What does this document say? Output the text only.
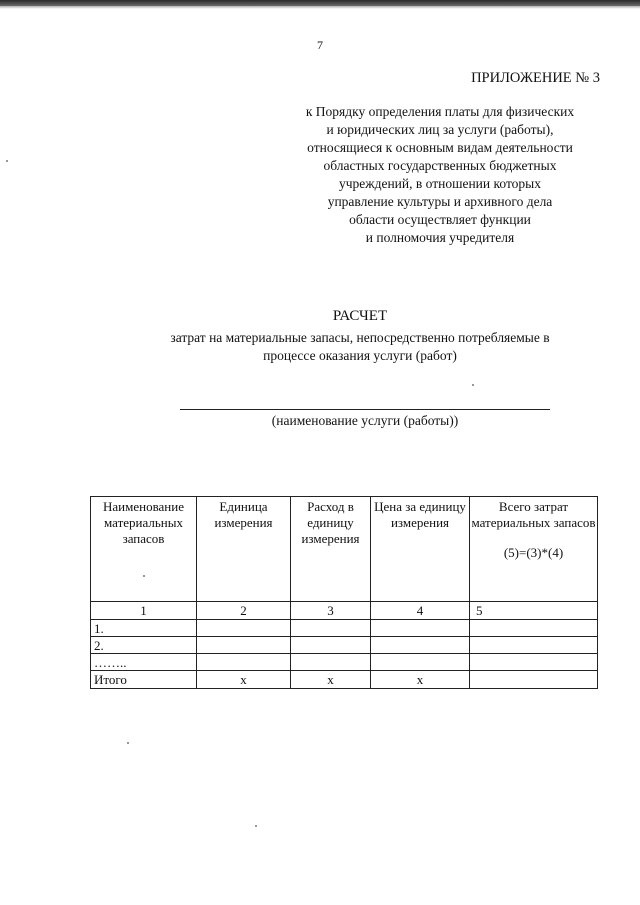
7
ПРИЛОЖЕНИЕ № 3
к Порядку определения платы для физических
и юридических лиц за услуги (работы),
относящиеся к основным видам деятельности
областных государственных бюджетных
учреждений, в отношении которых
управление культуры и архивного дела
области осуществляет функции
и полномочия учредителя
РАСЧЕТ
затрат на материальные запасы, непосредственно потребляемые в
процессе оказания услуги (работ)
(наименование услуги (работы))
Наименование материальных запасов	Единица измерения	Расход в единицу измерения	Цена за единицу измерения	Всего затрат материальных запасов
(5)=(3)*(4)

1	2	3	4	5
1.				
2.				
……..				
Итого	х	х	х	
